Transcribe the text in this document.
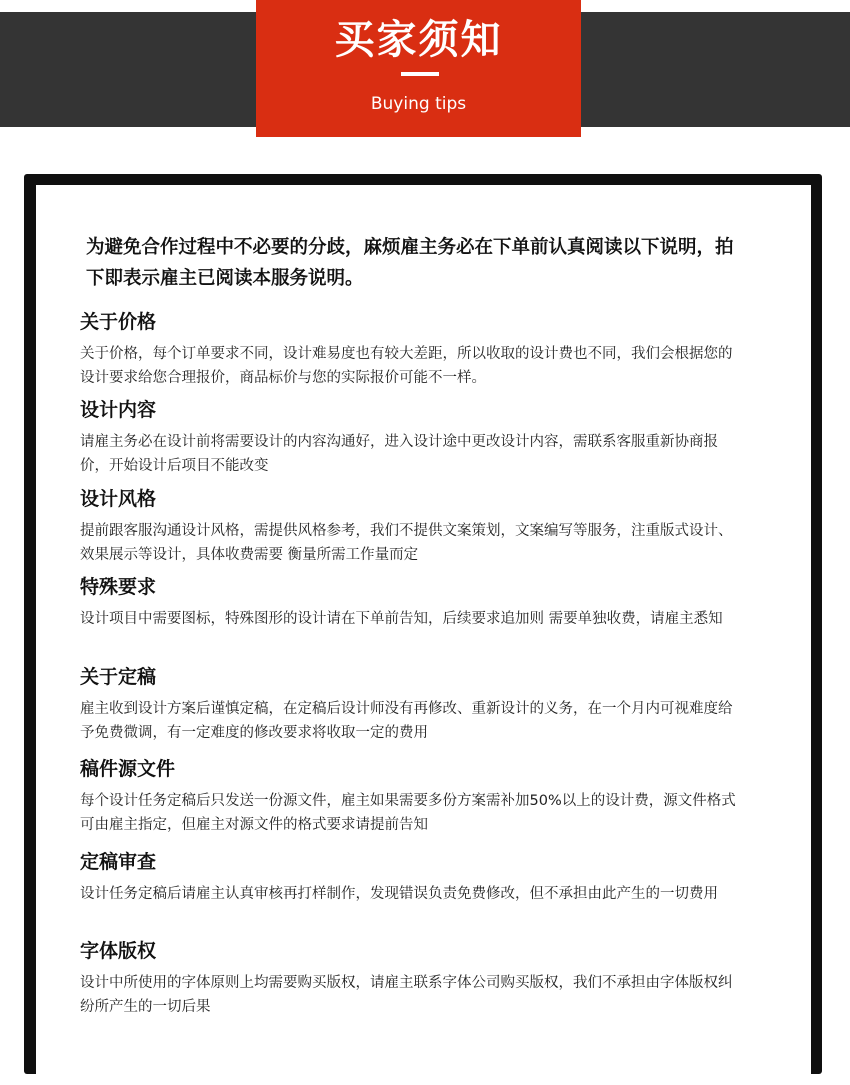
买家须知
Buying tips
为避免合作过程中不必要的分歧，麻烦雇主务必在下单前认真阅读以下说明，拍下即表示雇主已阅读本服务说明。
关于价格
关于价格，每个订单要求不同，设计难易度也有较大差距，所以收取的设计费也不同，我们会根据您的设计要求给您合理报价，商品标价与您的实际报价可能不一样。
设计内容
请雇主务必在设计前将需要设计的内容沟通好，进入设计途中更改设计内容，需联系客服重新协商报价，开始设计后项目不能改变
设计风格
提前跟客服沟通设计风格，需提供风格参考，我们不提供文案策划，文案编写等服务，注重版式设计、效果展示等设计，具体收费需要 衡量所需工作量而定
特殊要求
设计项目中需要图标，特殊图形的设计请在下单前告知，后续要求追加则 需要单独收费，请雇主悉知
关于定稿
雇主收到设计方案后谨慎定稿，在定稿后设计师没有再修改、重新设计的义务，在一个月内可视难度给予免费微调，有一定难度的修改要求将收取一定的费用
稿件源文件
每个设计任务定稿后只发送一份源文件，雇主如果需要多份方案需补加50%以上的设计费，源文件格式可由雇主指定，但雇主对源文件的格式要求请提前告知
定稿审查
设计任务定稿后请雇主认真审核再打样制作，发现错误负责免费修改，但不承担由此产生的一切费用
字体版权
设计中所使用的字体原则上均需要购买版权，请雇主联系字体公司购买版权，我们不承担由字体版权纠纷所产生的一切后果
